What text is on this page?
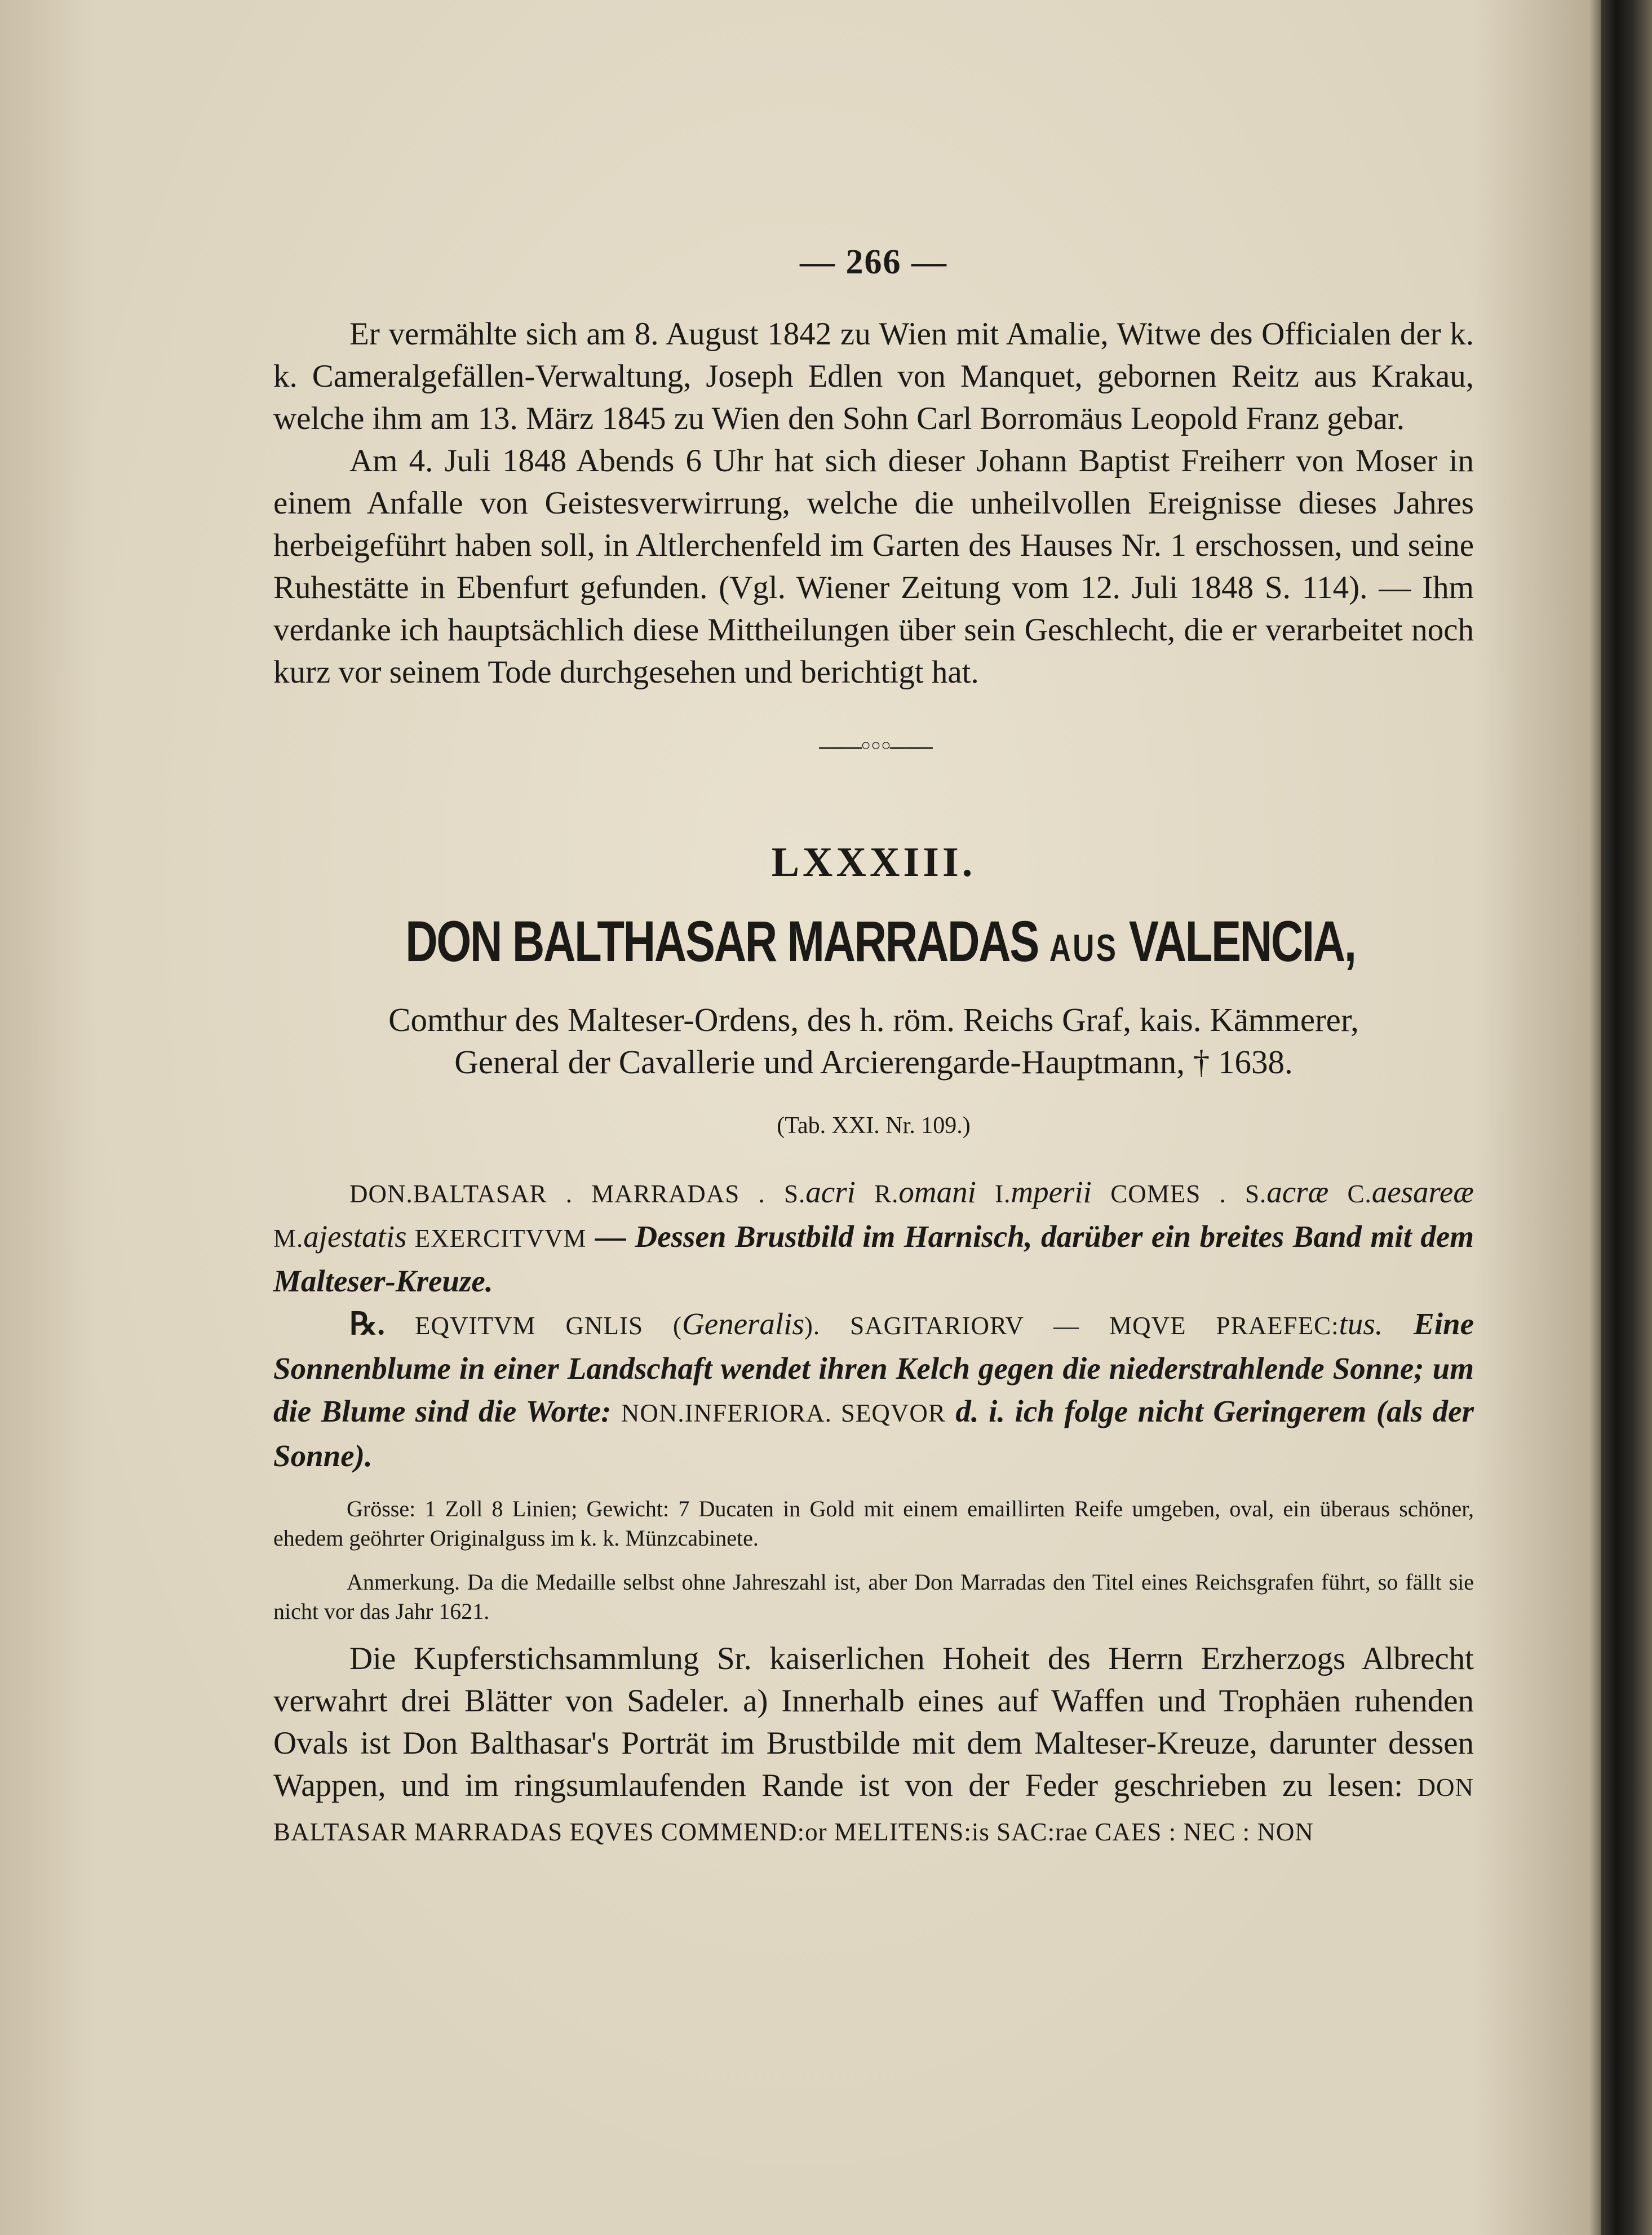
— 266 —

Er vermählte sich am 8. August 1842 zu Wien mit Amalie, Witwe des Officialen der k. k. Cameralgefällen-Verwaltung, Joseph Edlen von Manquet, gebornen Reitz aus Krakau, welche ihm am 13. März 1845 zu Wien den Sohn Carl Borromäus Leopold Franz gebar.

Am 4. Juli 1848 Abends 6 Uhr hat sich dieser Johann Baptist Freiherr von Moser in einem Anfalle von Geistesverwirrung, welche die unheilvollen Ereignisse dieses Jahres herbeigeführt haben soll, in Altlerchenfeld im Garten des Hauses Nr. 1 erschossen, und seine Ruhestätte in Ebenfurt gefunden. (Vgl. Wiener Zeitung vom 12. Juli 1848 S. 114). — Ihm verdanke ich hauptsächlich diese Mittheilungen über sein Geschlecht, die er verarbeitet noch kurz vor seinem Tode durchgesehen und berichtigt hat.

——◦◦◦——
LXXXIII.
DON BALTHASAR MARRADAS AUS VALENCIA,
Comthur des Malteser-Ordens, des h. röm. Reichs Graf, kais. Kämmerer,
General der Cavallerie und Arcierengarde-Hauptmann, † 1638.
(Tab. XXI. Nr. 109.)

DON.BALTASAR . MARRADAS . S.acri R.omani I.mperii COMES . S.acræ C.aesareæ M.ajestatis EXERCITVVM — Dessen Brustbild im Harnisch, darüber ein breites Band mit dem Malteser-Kreuze.

℞. EQVITVM GNLIS (Generalis). SAGITARIORV — MQVE PRAEFEC:tus. Eine Sonnenblume in einer Landschaft wendet ihren Kelch gegen die niederstrahlende Sonne; um die Blume sind die Worte: NON.INFERIORA. SEQVOR d. i. ich folge nicht Geringerem (als der Sonne).

Grösse: 1 Zoll 8 Linien; Gewicht: 7 Ducaten in Gold mit einem emaillirten Reife umgeben, oval, ein überaus schöner, ehedem geöhrter Originalguss im k. k. Münzcabinete.

Anmerkung. Da die Medaille selbst ohne Jahreszahl ist, aber Don Marradas den Titel eines Reichsgrafen führt, so fällt sie nicht vor das Jahr 1621.

Die Kupferstichsammlung Sr. kaiserlichen Hoheit des Herrn Erzherzogs Albrecht verwahrt drei Blätter von Sadeler. a) Innerhalb eines auf Waffen und Trophäen ruhenden Ovals ist Don Balthasar's Porträt im Brustbilde mit dem Malteser-Kreuze, darunter dessen Wappen, und im ringsumlaufenden Rande ist von der Feder geschrieben zu lesen: DON BALTASAR MARRADAS EQVES COMMEND:or MELITENS:is SAC:rae CAES : NEC : NON
